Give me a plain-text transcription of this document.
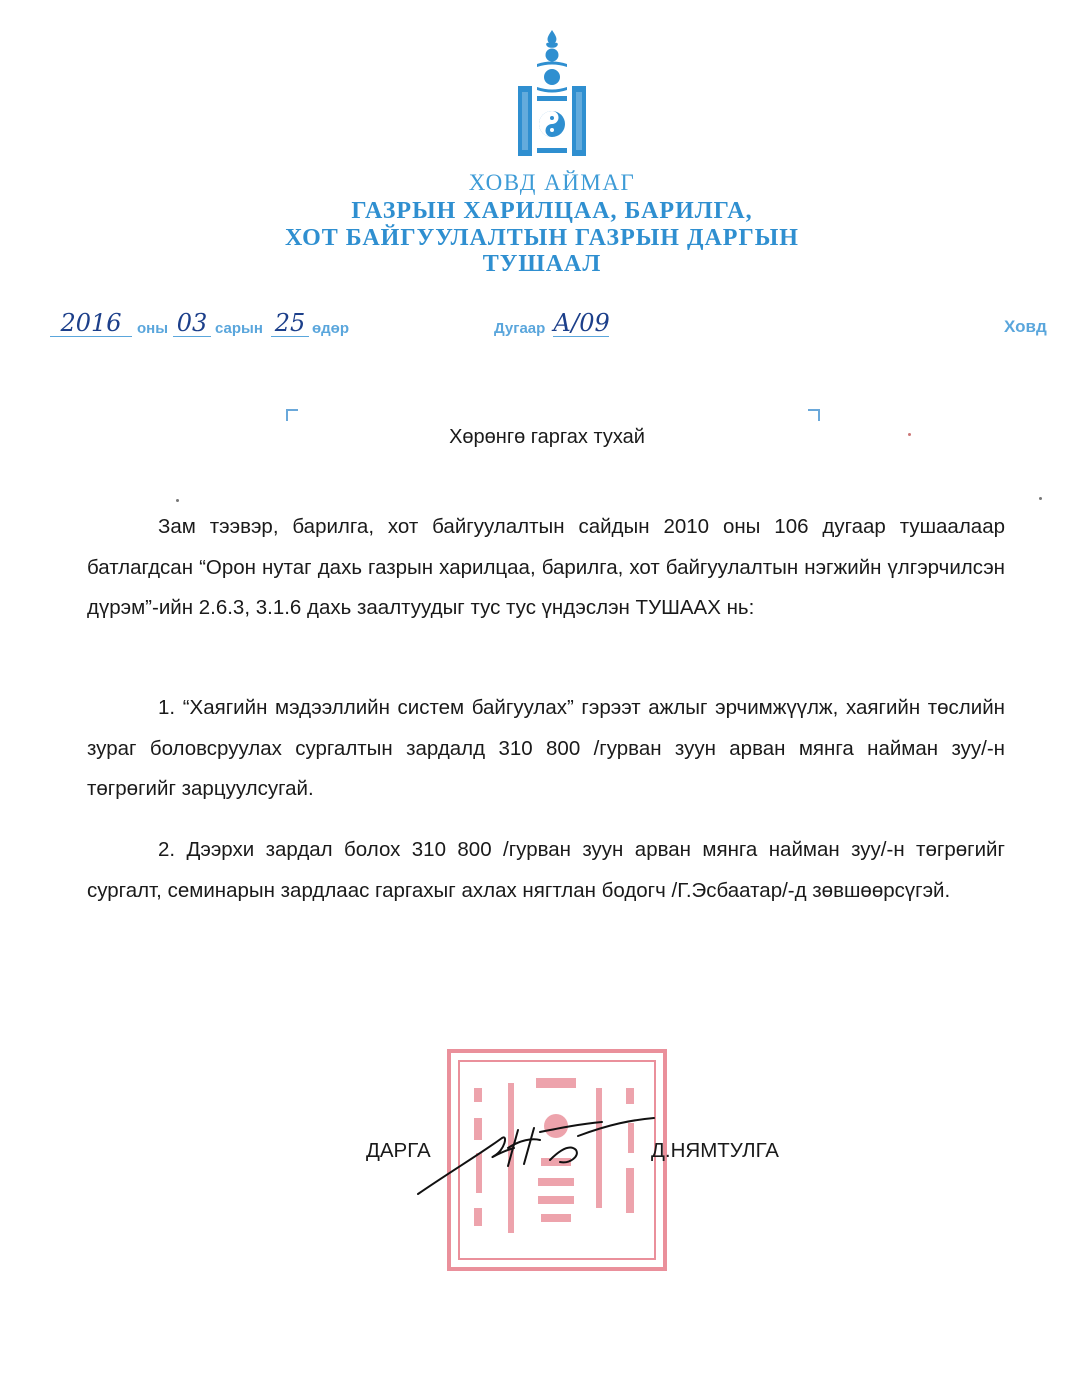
ХОВД АЙМАГ
ГАЗРЫН ХАРИЛЦАА, БАРИЛГА,
ХОТ БАЙГУУЛАЛТЫН ГАЗРЫН ДАРГЫН
ТУШААЛ
2016	оны 03 сарын 25 өдөр	Дугаар А/09	Ховд
Хөрөнгө гаргах тухай

Зам тээвэр, барилга, хот байгуулалтын сайдын 2010 оны 106 дугаар тушаалаар батлагдсан “Орон нутаг дахь газрын харилцаа, барилга, хот байгуулалтын нэгжийн үлгэрчилсэн дүрэм”-ийн 2.6.3, 3.1.6 дахь заалтуудыг тус тус үндэслэн ТУШААХ нь:

1. “Хаягийн мэдээллийн систем байгуулах” гэрээт ажлыг эрчимжүүлж, хаягийн төслийн зураг боловсруулах сургалтын зардалд 310 800 /гурван зуун арван мянга найман зуу/-н төгрөгийг зарцуулсугай.

2. Дээрхи зардал болох 310 800 /гурван зуун арван мянга найман зуу/-н төгрөгийг сургалт, семинарын зардлаас гаргахыг ахлах нягтлан бодогч /Г.Эсбаатар/-д зөвшөөрсүгэй.

ДАРГА	Д.НЯМТУЛГА
